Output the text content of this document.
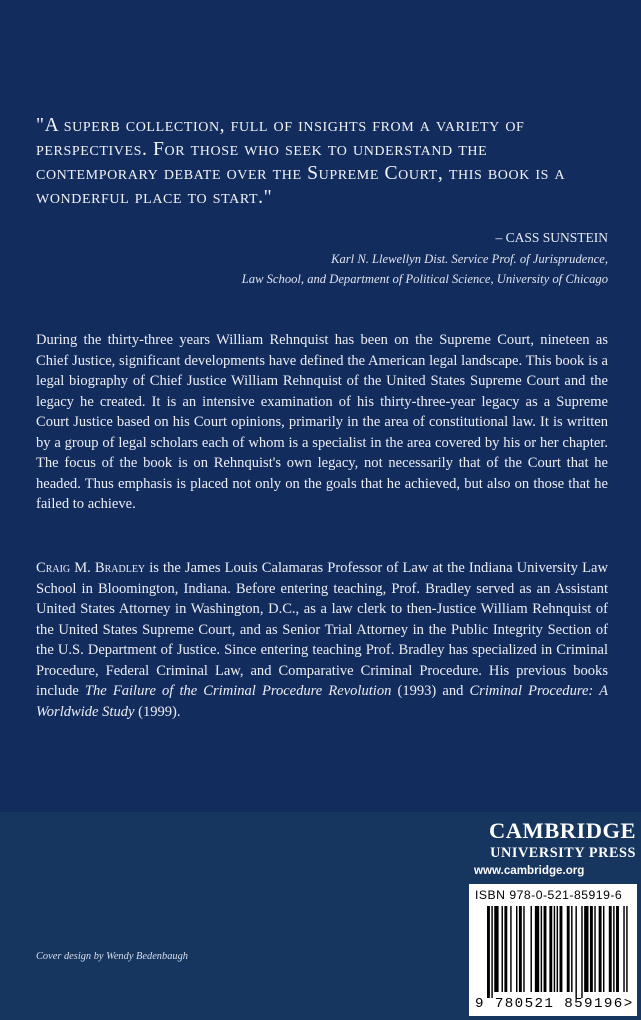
"A superb collection, full of insights from a variety of perspectives. For those who seek to understand the contemporary debate over the Supreme Court, this book is a wonderful place to start."

– CASS SUNSTEIN
Karl N. Llewellyn Dist. Service Prof. of Jurisprudence,
Law School, and Department of Political Science, University of Chicago

During the thirty-three years William Rehnquist has been on the Supreme Court, nineteen as Chief Justice, significant developments have defined the American legal landscape. This book is a legal biography of Chief Justice William Rehnquist of the United States Supreme Court and the legacy he created. It is an intensive examination of his thirty-three-year legacy as a Supreme Court Justice based on his Court opinions, primarily in the area of constitutional law. It is written by a group of legal scholars each of whom is a specialist in the area covered by his or her chapter. The focus of the book is on Rehnquist's own legacy, not necessarily that of the Court that he headed. Thus emphasis is placed not only on the goals that he achieved, but also on those that he failed to achieve.

Craig M. Bradley is the James Louis Calamaras Professor of Law at the Indiana University Law School in Bloomington, Indiana. Before entering teaching, Prof. Bradley served as an Assistant United States Attorney in Washington, D.C., as a law clerk to then-Justice William Rehnquist of the United States Supreme Court, and as Senior Trial Attorney in the Public Integrity Section of the U.S. Department of Justice. Since entering teaching Prof. Bradley has specialized in Criminal Procedure, Federal Criminal Law, and Comparative Criminal Procedure. His previous books include The Failure of the Criminal Procedure Revolution (1993) and Criminal Procedure: A Worldwide Study (1999).

CAMBRIDGE
UNIVERSITY PRESS
www.cambridge.org
ISBN 978-0-521-85919-6
9 780521 859196>
Cover design by Wendy Bedenbaugh
